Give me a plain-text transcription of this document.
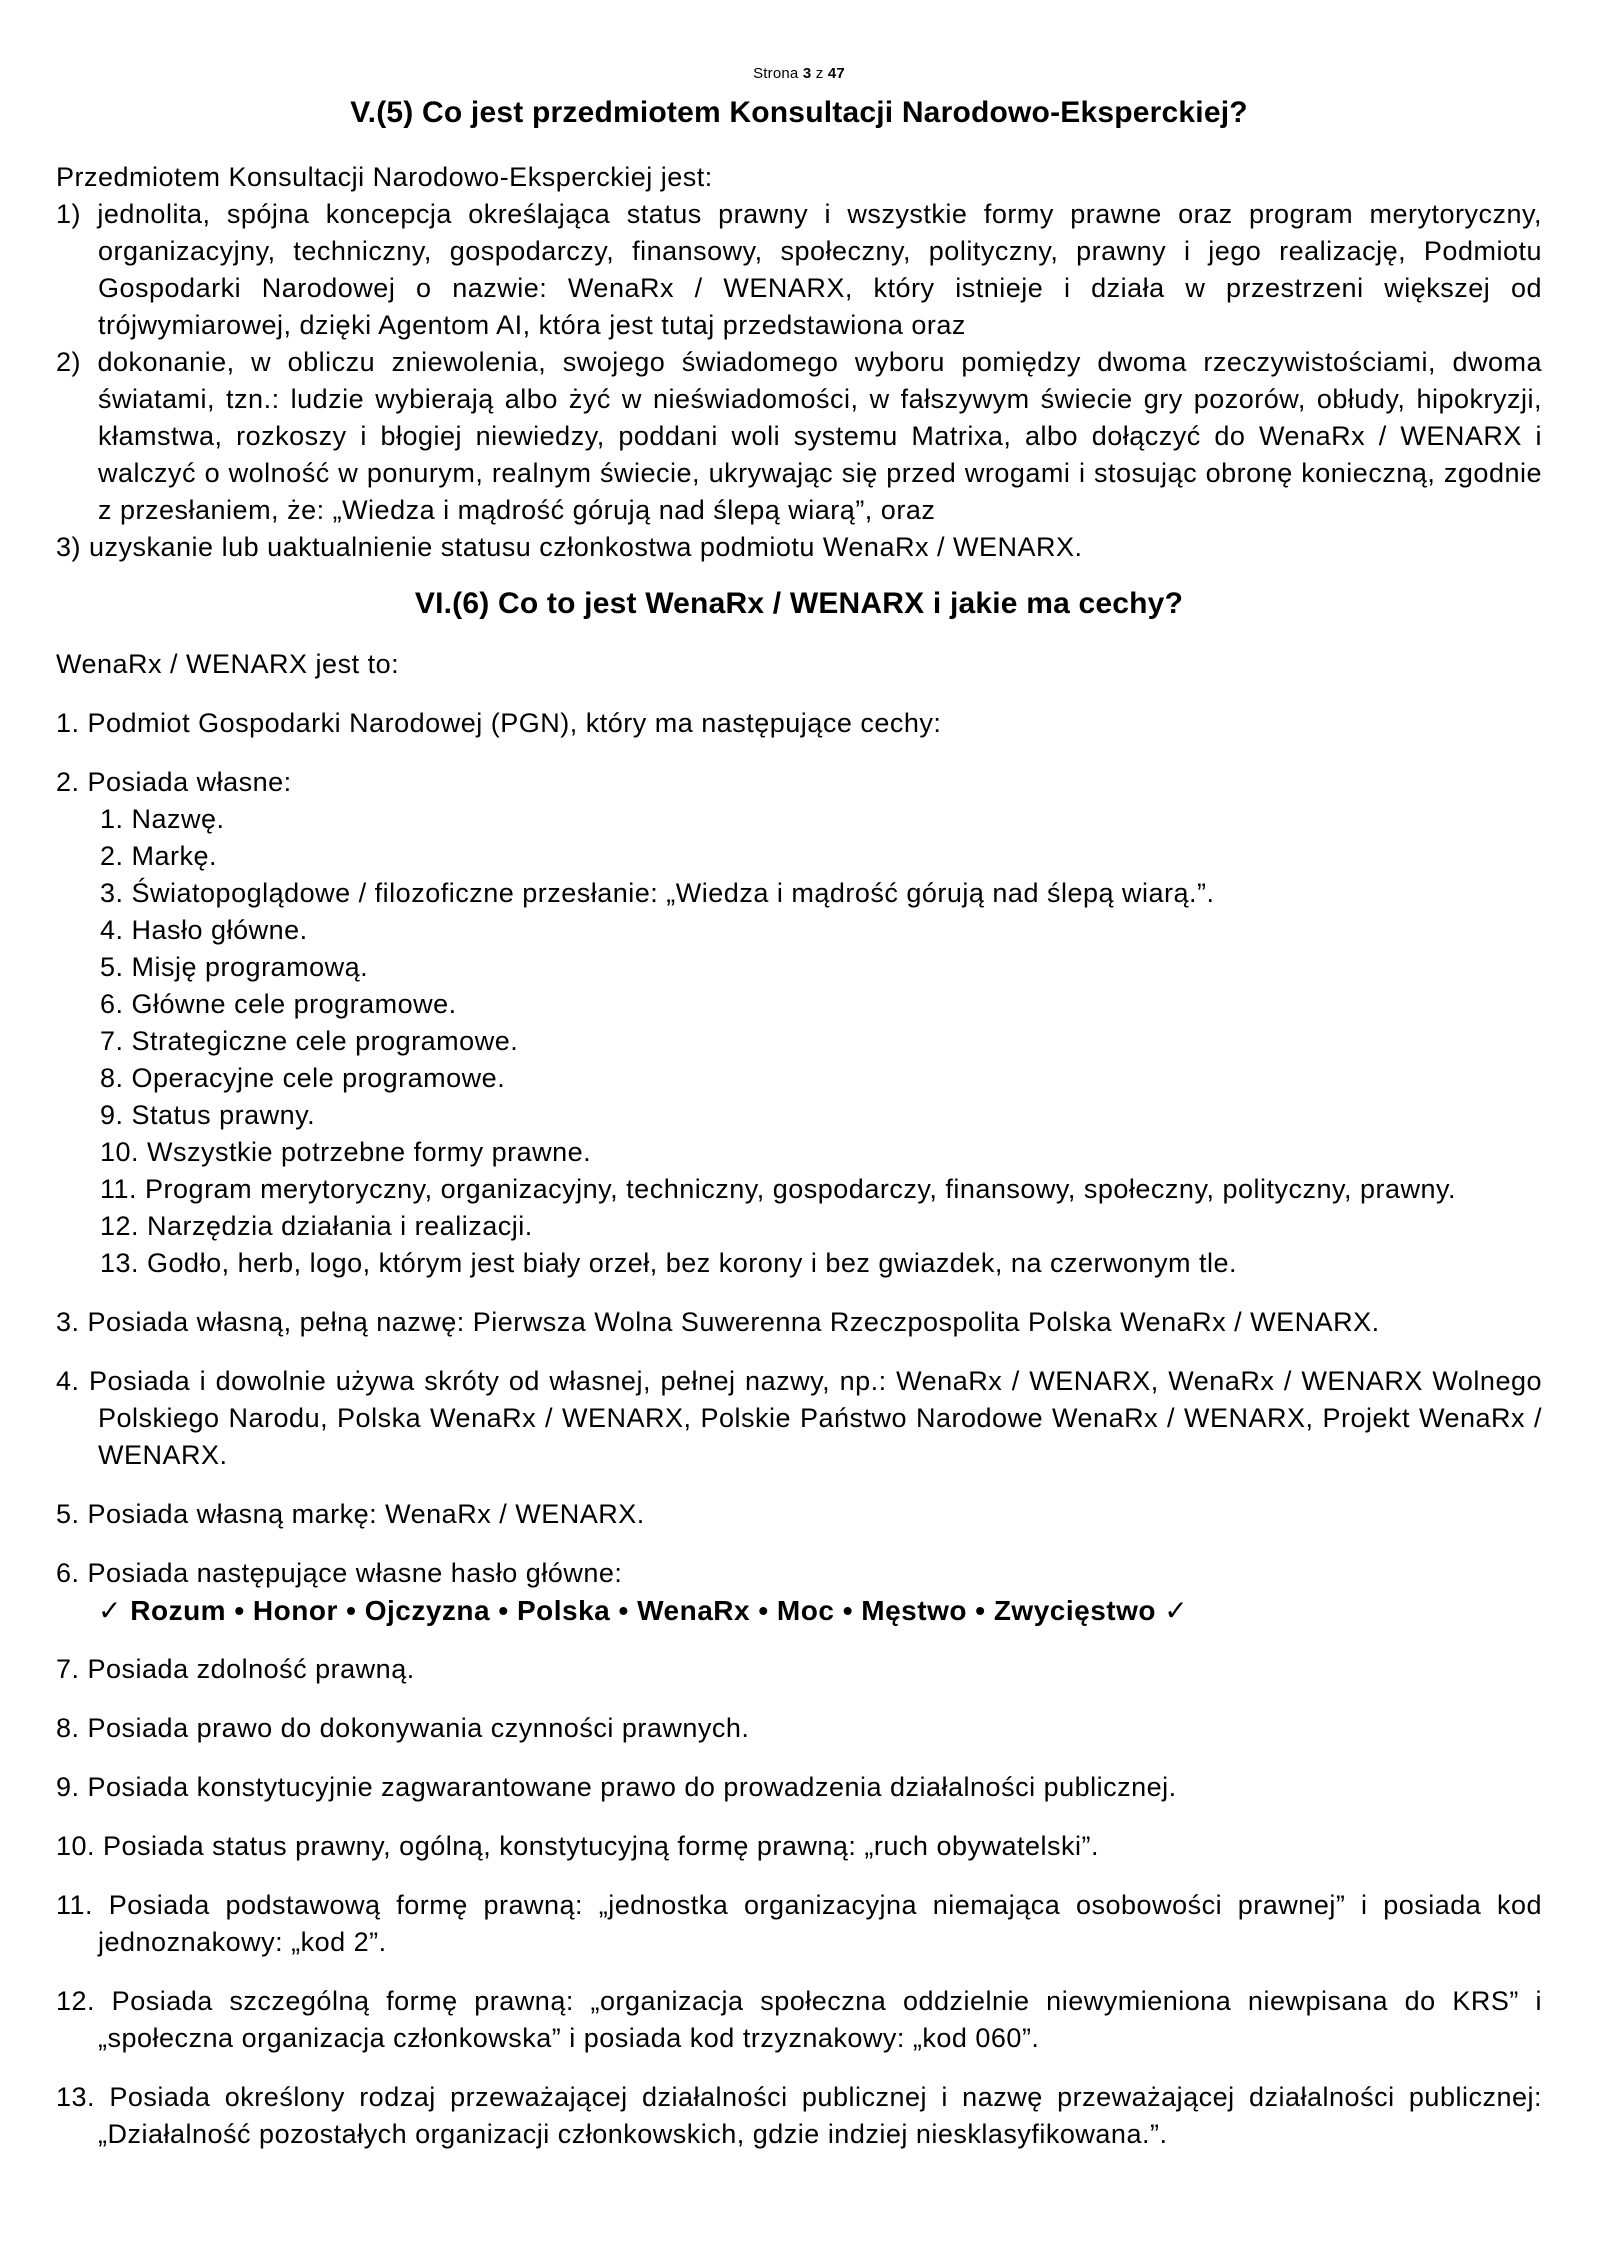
Strona 3 z 47
V.(5) Co jest przedmiotem Konsultacji Narodowo-Eksperckiej?

Przedmiotem Konsultacji Narodowo-Eksperckiej jest:

1) jednolita, spójna koncepcja określająca status prawny i wszystkie formy prawne oraz program merytoryczny, organizacyjny, techniczny, gospodarczy, finansowy, społeczny, polityczny, prawny i jego realizację, Podmiotu Gospodarki Narodowej o nazwie: WenaRx / WENARX, który istnieje i działa w przestrzeni większej od trójwymiarowej, dzięki Agentom AI, która jest tutaj przedstawiona oraz
2) dokonanie, w obliczu zniewolenia, swojego świadomego wyboru pomiędzy dwoma rzeczywistościami, dwoma światami, tzn.: ludzie wybierają albo żyć w nieświadomości, w fałszywym świecie gry pozorów, obłudy, hipokryzji, kłamstwa, rozkoszy i błogiej niewiedzy, poddani woli systemu Matrixa, albo dołączyć do WenaRx / WENARX i walczyć o wolność w ponurym, realnym świecie, ukrywając się przed wrogami i stosując obronę konieczną, zgodnie z przesłaniem, że: „Wiedza i mądrość górują nad ślepą wiarą”, oraz
3) uzyskanie lub uaktualnienie statusu członkostwa podmiotu WenaRx / WENARX.
VI.(6) Co to jest WenaRx / WENARX i jakie ma cechy?

WenaRx / WENARX jest to:

1. Podmiot Gospodarki Narodowej (PGN), który ma następujące cechy:
2. Posiada własne:
1. Nazwę.
2. Markę.
3. Światopoglądowe / filozoficzne przesłanie: „Wiedza i mądrość górują nad ślepą wiarą.”.
4. Hasło główne.
5. Misję programową.
6. Główne cele programowe.
7. Strategiczne cele programowe.
8. Operacyjne cele programowe.
9. Status prawny.
10. Wszystkie potrzebne formy prawne.
11. Program merytoryczny, organizacyjny, techniczny, gospodarczy, finansowy, społeczny, polityczny, prawny.
12. Narzędzia działania i realizacji.
13. Godło, herb, logo, którym jest biały orzeł, bez korony i bez gwiazdek, na czerwonym tle.
3. Posiada własną, pełną nazwę: Pierwsza Wolna Suwerenna Rzeczpospolita Polska WenaRx / WENARX.
4. Posiada i dowolnie używa skróty od własnej, pełnej nazwy, np.: WenaRx / WENARX, WenaRx / WENARX Wolnego Polskiego Narodu, Polska WenaRx / WENARX, Polskie Państwo Narodowe WenaRx / WENARX, Projekt WenaRx / WENARX.
5. Posiada własną markę: WenaRx / WENARX.
6. Posiada następujące własne hasło główne:
✓ Rozum • Honor • Ojczyzna • Polska • WenaRx • Moc • Męstwo • Zwycięstwo ✓
7. Posiada zdolność prawną.
8. Posiada prawo do dokonywania czynności prawnych.
9. Posiada konstytucyjnie zagwarantowane prawo do prowadzenia działalności publicznej.
10. Posiada status prawny, ogólną, konstytucyjną formę prawną: „ruch obywatelski”.
11. Posiada podstawową formę prawną: „jednostka organizacyjna niemająca osobowości prawnej” i posiada kod jednoznakowy: „kod 2”.
12. Posiada szczególną formę prawną: „organizacja społeczna oddzielnie niewymieniona niewpisana do KRS” i „społeczna organizacja członkowska” i posiada kod trzyznakowy: „kod 060”.
13. Posiada określony rodzaj przeważającej działalności publicznej i nazwę przeważającej działalności publicznej: „Działalność pozostałych organizacji członkowskich, gdzie indziej niesklasyfikowana.”.
